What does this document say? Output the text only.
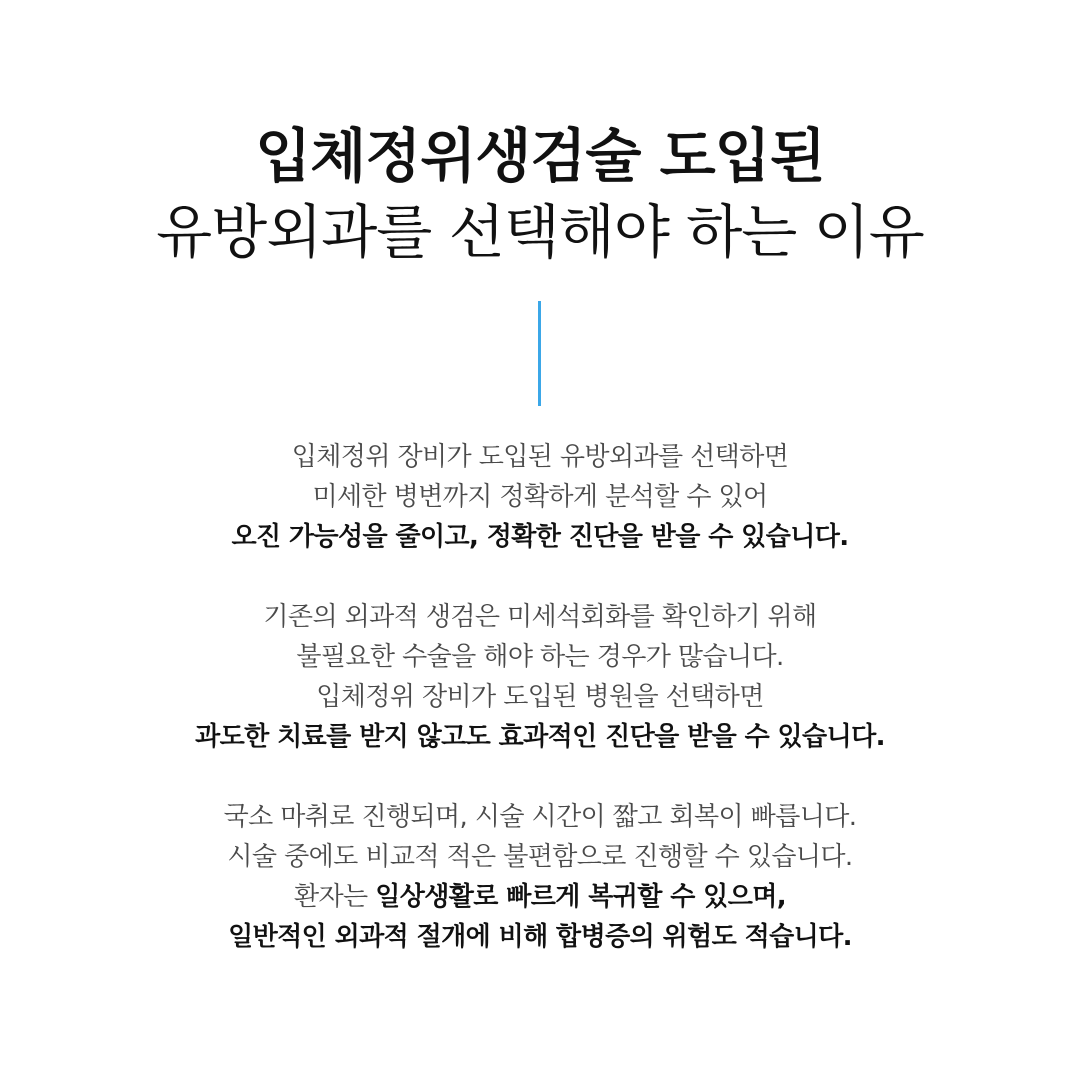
입체정위생검술 도입된
유방외과를 선택해야 하는 이유

입체정위 장비가 도입된 유방외과를 선택하면
미세한 병변까지 정확하게 분석할 수 있어
오진 가능성을 줄이고, 정확한 진단을 받을 수 있습니다.

기존의 외과적 생검은 미세석회화를 확인하기 위해
불필요한 수술을 해야 하는 경우가 많습니다.
입체정위 장비가 도입된 병원을 선택하면
과도한 치료를 받지 않고도 효과적인 진단을 받을 수 있습니다.

국소 마취로 진행되며, 시술 시간이 짧고 회복이 빠릅니다.
시술 중에도 비교적 적은 불편함으로 진행할 수 있습니다.
환자는 일상생활로 빠르게 복귀할 수 있으며,
일반적인 외과적 절개에 비해 합병증의 위험도 적습니다.
